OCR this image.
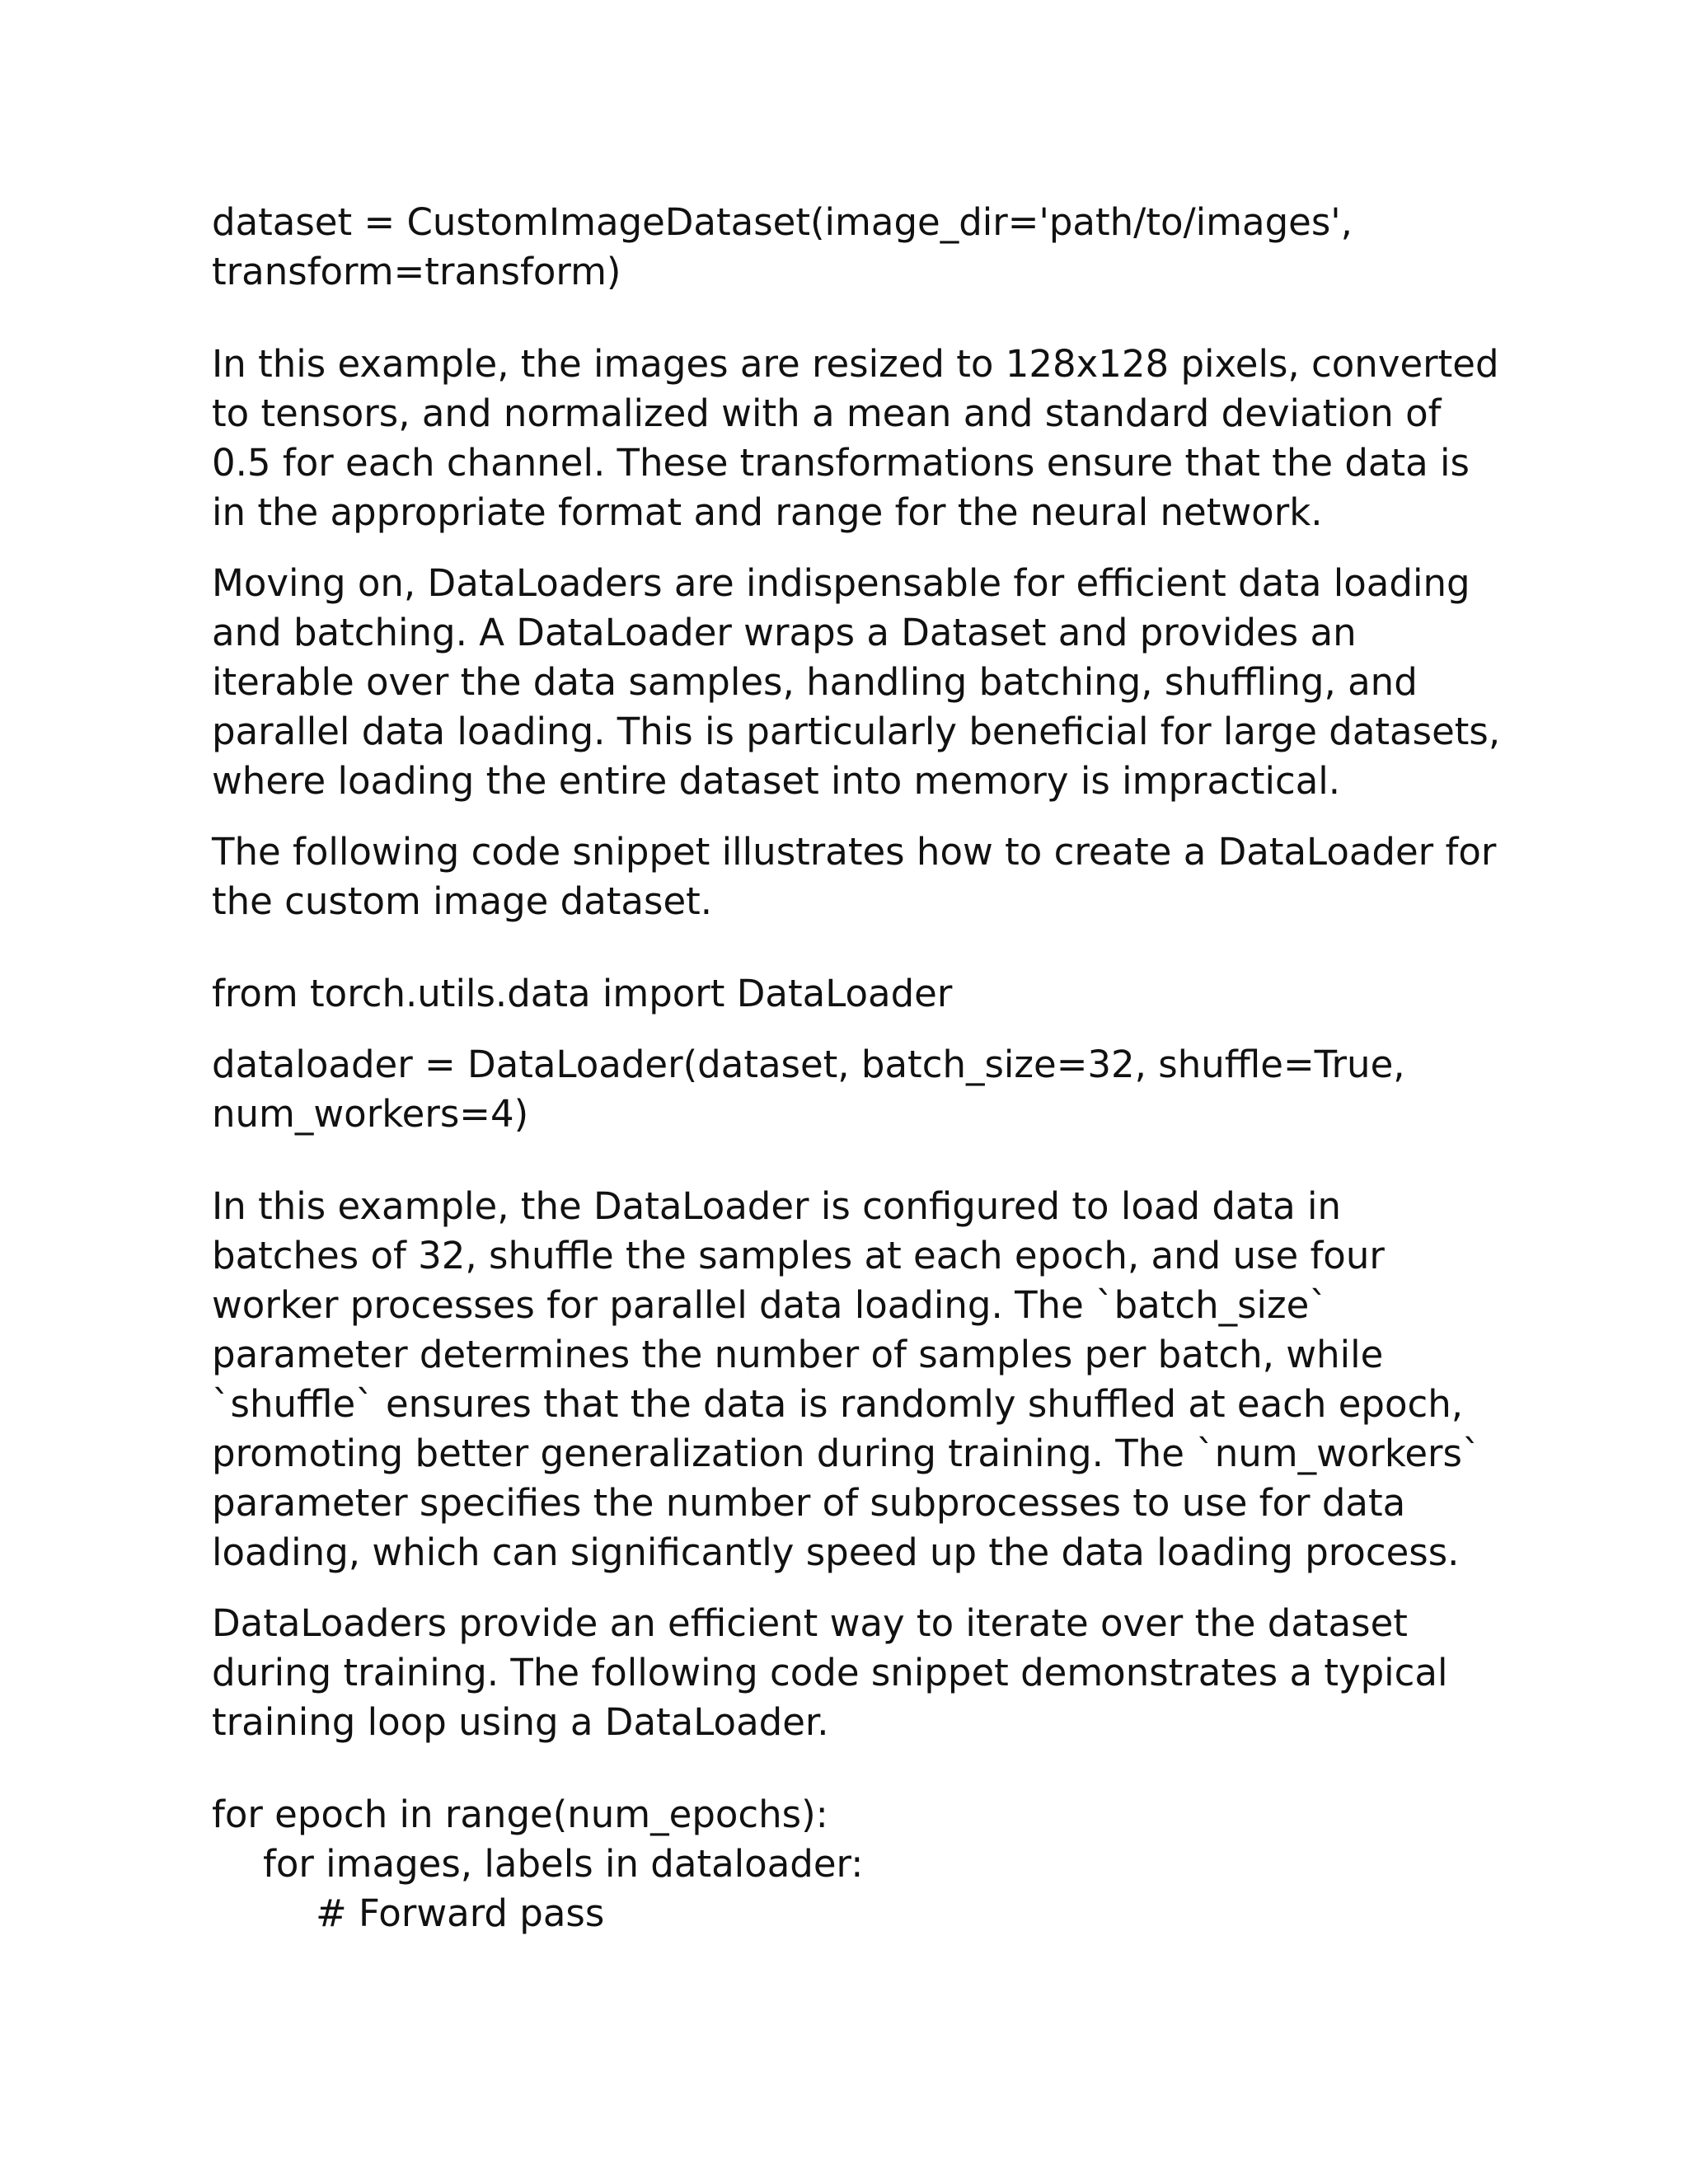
dataset = CustomImageDataset(image_dir='path/to/images',

transform=transform)

In this example, the images are resized to 128x128 pixels, converted

to tensors, and normalized with a mean and standard deviation of

0.5 for each channel. These transformations ensure that the data is

in the appropriate format and range for the neural network.

Moving on, DataLoaders are indispensable for efficient data loading

and batching. A DataLoader wraps a Dataset and provides an

iterable over the data samples, handling batching, shuffling, and

parallel data loading. This is particularly beneficial for large datasets,

where loading the entire dataset into memory is impractical.

The following code snippet illustrates how to create a DataLoader for

the custom image dataset.

from torch.utils.data import DataLoader

dataloader = DataLoader(dataset, batch_size=32, shuffle=True,

num_workers=4)

In this example, the DataLoader is configured to load data in

batches of 32, shuffle the samples at each epoch, and use four

worker processes for parallel data loading. The `batch_size`

parameter determines the number of samples per batch, while

`shuffle` ensures that the data is randomly shuffled at each epoch,

promoting better generalization during training. The `num_workers`

parameter specifies the number of subprocesses to use for data

loading, which can significantly speed up the data loading process.

DataLoaders provide an efficient way to iterate over the dataset

during training. The following code snippet demonstrates a typical

training loop using a DataLoader.

for epoch in range(num_epochs):

for images, labels in dataloader:

# Forward pass
